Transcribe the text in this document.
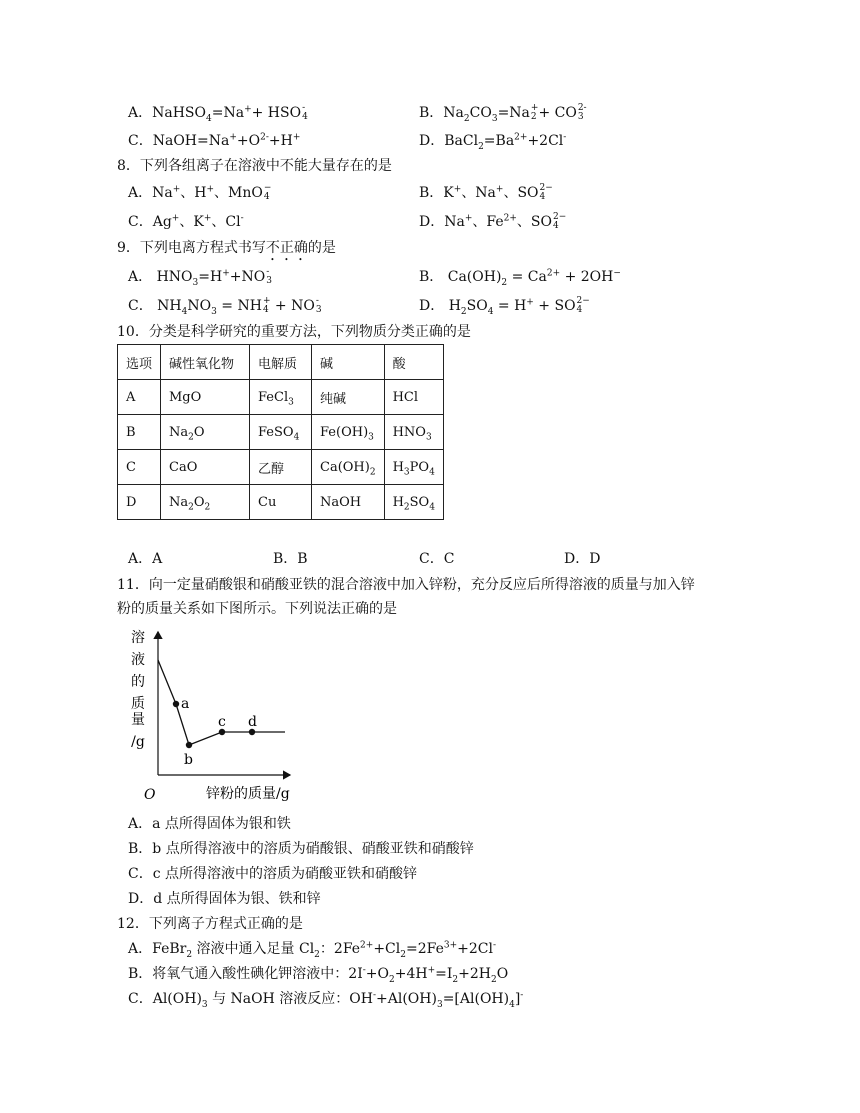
A．NaHSO$_4$=Na++ HSO -
4	B．$Na_2CO_3=Na$ +
2 + CO 2-
3
C．$NaOH=Na^++O^{2-}+H^+$	D．$BaCl_2=Ba^{2+}+2Cl^-$
8．下列各组离子在溶液中不能大量存在的是
A．Na+、H+、MnO −
4	B．K+、Na+、SO 2−
4
C．Ag+、K+、Cl-	D．Na+、$Fe^{2+}$、SO 2−
4
9．下列电离方程式书写不正确的是
A． $HNO_3=H^++NO$ -
3	B． $Ca(OH)_2 = Ca^{2+} + 2OH^-$
C． $NH_4NO_3$ = NH +
4 + NO -
3	D． $H_2SO_4 = H^+$ + SO 2−
4
10．分类是科学研究的重要方法，下列物质分类正确的是
选项	碱性氧化物	电解质	碱	酸
A	MgO	FeCl$_3$	纯碱	HCl
B	$Na_2O$	FeSO$_4$	$Fe(OH)_3$	$HNO_3$
C	CaO	乙醇	$Ca(OH)_2$	$H_3PO_4$
D	$Na_2O_2$	Cu	NaOH	$H_2SO_4$
A．A	B．B	C．C	D．D
11．向一定量硝酸银和硝酸亚铁的混合溶液中加入锌粉，充分反应后所得溶液的质量与加入锌
粉的质量关系如下图所示。下列说法正确的是
溶
液
的
质
量
/g
a
b
c d
O	锌粉的质量/g
A．a 点所得固体为银和铁
B．b 点所得溶液中的溶质为硝酸银、硝酸亚铁和硝酸锌
C．c 点所得溶液中的溶质为硝酸亚铁和硝酸锌
D．d 点所得固体为银、铁和锌
12．下列离子方程式正确的是
A．FeBr$_2$ 溶液中通入足量 $Cl_2$：$2Fe^{2+}+Cl_2=2Fe^{3+}+2Cl^-$
B．将氧气通入酸性碘化钾溶液中：$2I^-+O_2+4H^+=I_2+2H_2O$
C．$Al(OH)_3$ 与 NaOH 溶液反应：$OH^-+Al(OH)_3=[Al(OH)_4]^-$
